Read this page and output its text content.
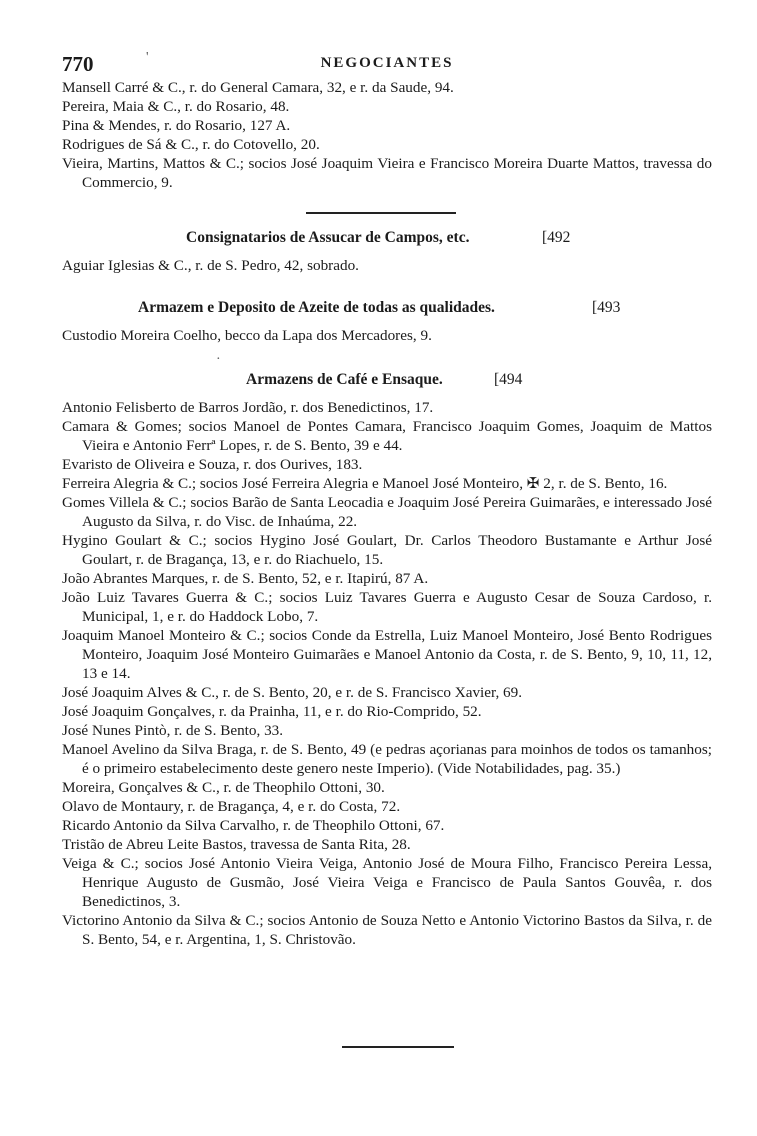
770	NEGOCIANTES
'
Mansell Carré & C., r. do General Camara, 32, e r. da Saude, 94.
Pereira, Maia & C., r. do Rosario, 48.
Pina & Mendes, r. do Rosario, 127 A.
Rodrigues de Sá & C., r. do Cotovello, 20.
Vieira, Martins, Mattos & C.; socios José Joaquim Vieira e Francisco Moreira Duarte Mattos, travessa do Commercio, 9.
Consignatarios de Assucar de Campos, etc.	[492
Aguiar Iglesias & C., r. de S. Pedro, 42, sobrado.
Armazem e Deposito de Azeite de todas as qualidades.	[493
Custodio Moreira Coelho, becco da Lapa dos Mercadores, 9.
·
Armazens de Café e Ensaque.	[494
Antonio Felisberto de Barros Jordão, r. dos Benedictinos, 17.
Camara & Gomes; socios Manoel de Pontes Camara, Francisco Joaquim Gomes, Joaquim de Mattos Vieira e Antonio Ferrª Lopes, r. de S. Bento, 39 e 44.
Evaristo de Oliveira e Souza, r. dos Ourives, 183.
Ferreira Alegria & C.; socios José Ferreira Alegria e Manoel José Monteiro, ✠ 2, r. de S. Bento, 16.
Gomes Villela & C.; socios Barão de Santa Leocadia e Joaquim José Pereira Guimarães, e interessado José Augusto da Silva, r. do Visc. de Inhaúma, 22.
Hygino Goulart & C.; socios Hygino José Goulart, Dr. Carlos Theodoro Bustamante e Arthur José Goulart, r. de Bragança, 13, e r. do Riachuelo, 15.
João Abrantes Marques, r. de S. Bento, 52, e r. Itapirú, 87 A.
João Luiz Tavares Guerra & C.; socios Luiz Tavares Guerra e Augusto Cesar de Souza Cardoso, r. Municipal, 1, e r. do Haddock Lobo, 7.
Joaquim Manoel Monteiro & C.; socios Conde da Estrella, Luiz Manoel Monteiro, José Bento Rodrigues Monteiro, Joaquim José Monteiro Guimarães e Manoel Antonio da Costa, r. de S. Bento, 9, 10, 11, 12, 13 e 14.
José Joaquim Alves & C., r. de S. Bento, 20, e r. de S. Francisco Xavier, 69.
José Joaquim Gonçalves, r. da Prainha, 11, e r. do Rio-Comprido, 52.
José Nunes Pintò, r. de S. Bento, 33.
Manoel Avelino da Silva Braga, r. de S. Bento, 49 (e pedras açorianas para moinhos de todos os tamanhos; é o primeiro estabelecimento deste genero neste Imperio). (Vide Notabilidades, pag. 35.)
Moreira, Gonçalves & C., r. de Theophilo Ottoni, 30.
Olavo de Montaury, r. de Bragança, 4, e r. do Costa, 72.
Ricardo Antonio da Silva Carvalho, r. de Theophilo Ottoni, 67.
Tristão de Abreu Leite Bastos, travessa de Santa Rita, 28.
Veiga & C.; socios José Antonio Vieira Veiga, Antonio José de Moura Filho, Francisco Pereira Lessa, Henrique Augusto de Gusmão, José Vieira Veiga e Francisco de Paula Santos Gouvêa, r. dos Benedictinos, 3.
Victorino Antonio da Silva & C.; socios Antonio de Souza Netto e Antonio Victorino Bastos da Silva, r. de S. Bento, 54, e r. Argentina, 1, S. Christovão.
